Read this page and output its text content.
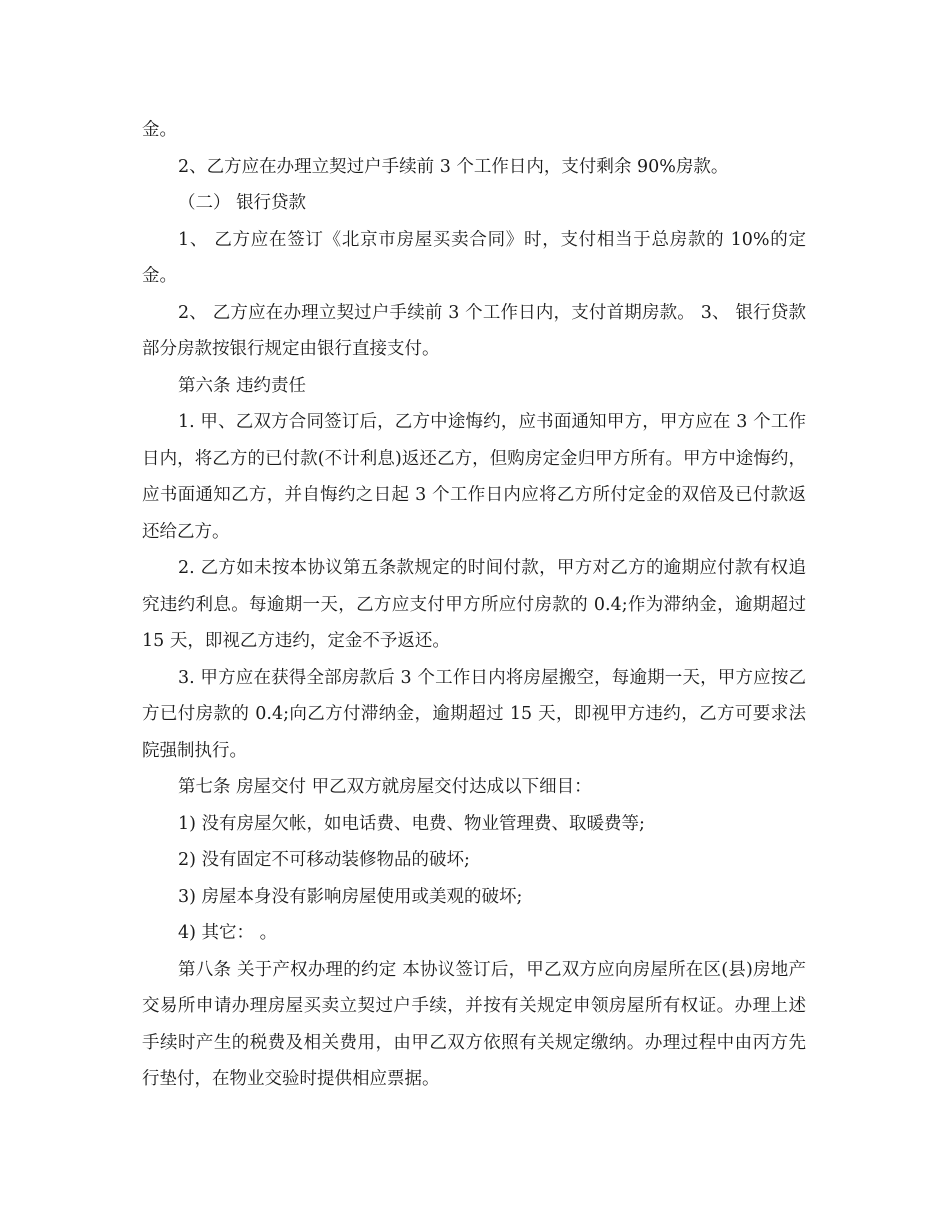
金。

2、乙方应在办理立契过户手续前 3 个工作日内，支付剩余 90%房款。

（二） 银行贷款

1、 乙方应在签订《北京市房屋买卖合同》时，支付相当于总房款的 10%的定金。

2、 乙方应在办理立契过户手续前 3 个工作日内，支付首期房款。 3、 银行贷款部分房款按银行规定由银行直接支付。

第六条 违约责任

1. 甲、乙双方合同签订后，乙方中途悔约，应书面通知甲方，甲方应在 3 个工作日内，将乙方的已付款(不计利息)返还乙方，但购房定金归甲方所有。甲方中途悔约，应书面通知乙方，并自悔约之日起 3 个工作日内应将乙方所付定金的双倍及已付款返还给乙方。

2. 乙方如未按本协议第五条款规定的时间付款，甲方对乙方的逾期应付款有权追究违约利息。每逾期一天，乙方应支付甲方所应付房款的 0.4;作为滞纳金，逾期超过 15 天，即视乙方违约，定金不予返还。

3. 甲方应在获得全部房款后 3 个工作日内将房屋搬空，每逾期一天，甲方应按乙方已付房款的 0.4;向乙方付滞纳金，逾期超过 15 天，即视甲方违约，乙方可要求法院强制执行。

第七条 房屋交付 甲乙双方就房屋交付达成以下细目：

1) 没有房屋欠帐，如电话费、电费、物业管理费、取暖费等;

2) 没有固定不可移动装修物品的破坏;

3) 房屋本身没有影响房屋使用或美观的破坏;

4) 其它： 。

第八条 关于产权办理的约定 本协议签订后，甲乙双方应向房屋所在区(县)房地产交易所申请办理房屋买卖立契过户手续，并按有关规定申领房屋所有权证。办理上述手续时产生的税费及相关费用，由甲乙双方依照有关规定缴纳。办理过程中由丙方先行垫付，在物业交验时提供相应票据。
